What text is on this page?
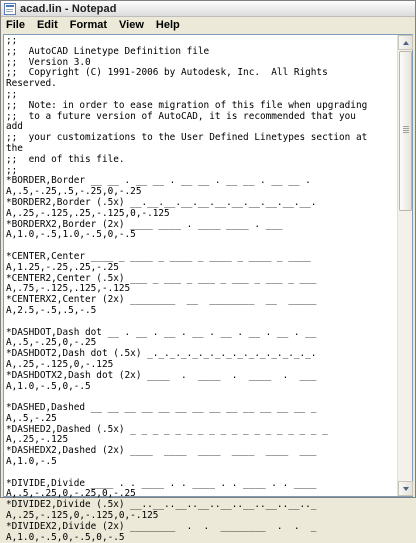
acad.lin - Notepad
File	Edit	Format	View	Help
;;
;;  AutoCAD Linetype Definition file
;;  Version 3.0
;;  Copyright (C) 1991-2006 by Autodesk, Inc.  All Rights
Reserved.
;;
;;  Note: in order to ease migration of this file when upgrading
;;  to a future version of AutoCAD, it is recommended that you
add
;;  your customizations to the User Defined Linetypes section at
the
;;  end of this file.
;;
*BORDER,Border __ __ . __ __ . __ __ . __ __ . __ __ .
A,.5,-.25,.5,-.25,0,-.25
*BORDER2,Border (.5x) __.__.__.__.__.__.__.__.__.__.__.
A,.25,-.125,.25,-.125,0,-.125
*BORDERX2,Border (2x) ____ ____ . ____ ____ . ___
A,1.0,-.5,1.0,-.5,0,-.5

*CENTER,Center ____ _ ____ _ ____ _ ____ _ ____ _ ____
A,1.25,-.25,.25,-.25
*CENTER2,Center (.5x) ___ _ ___ _ ___ _ ___ _ ___ _ ___
A,.75,-.125,.125,-.125
*CENTERX2,Center (2x) ________  __  ________  __  _____
A,2.5,-.5,.5,-.5

*DASHDOT,Dash dot __ . __ . __ . __ . __ . __ . __ . __
A,.5,-.25,0,-.25
*DASHDOT2,Dash dot (.5x) _._._._._._._._._._._._._._._.
A,.25,-.125,0,-.125
*DASHDOTX2,Dash dot (2x) ____  .  ____  .  ____  .  ___
A,1.0,-.5,0,-.5

*DASHED,Dashed __ __ __ __ __ __ __ __ __ __ __ __ __ _
A,.5,-.25
*DASHED2,Dashed (.5x) _ _ _ _ _ _ _ _ _ _ _ _ _ _ _ _ _ _
A,.25,-.125
*DASHEDX2,Dashed (2x) ____  ____  ____  ____  ____  ___
A,1.0,-.5

*DIVIDE,Divide ____ . . ____ . . ____ . . ____ . . ____
A,.5,-.25,0,-.25,0,-.25
*DIVIDE2,Divide (.5x) __..__..__..__..__..__..__..__.._
A,.25,-.125,0,-.125,0,-.125
*DIVIDEX2,Divide (2x) ________  .  .  ________  .  .  _
A,1.0,-.5,0,-.5,0,-.5
